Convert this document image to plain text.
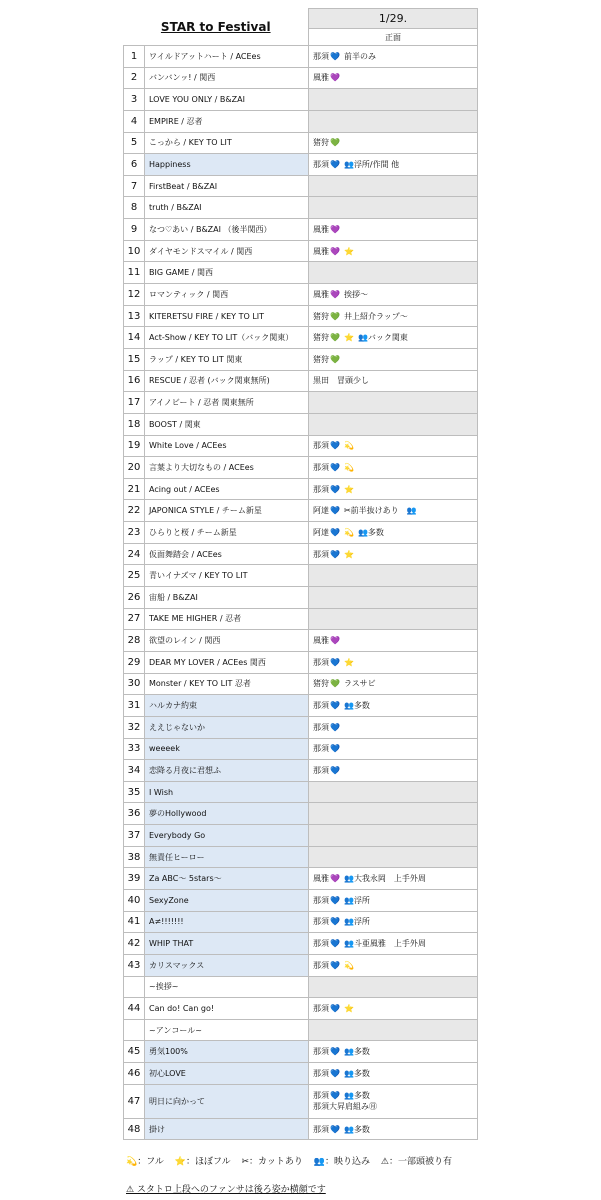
STAR to Festival		1/29.
		正面
1	ワイルドアットハート / ACEes	那須💙 前半のみ
2	バンバンッ! / 関西	風雅💜
3	LOVE YOU ONLY / B&ZAI	
4	EMPIRE / 忍者	
5	こっから / KEY TO LIT	猪狩💚
6	Happiness	那須💙 👥浮所/作間 他
7	FirstBeat / B&ZAI	
8	truth / B&ZAI	
9	なつ♡あい / B&ZAI （後半関西）	風雅💜
10	ダイヤモンドスマイル / 関西	風雅💜 ⭐
11	BIG GAME / 関西	
12	ロマンティック / 関西	風雅💜 挨拶～
13	KITERETSU FIRE / KEY TO LIT	猪狩💚 井上紹介ラップ～
14	Act-Show / KEY TO LIT（バック関東）	猪狩💚 ⭐ 👥バック関東
15	ラップ / KEY TO LIT 関東	猪狩💚
16	RESCUE / 忍者 (バック関東無所)	黒田　冒頭少し
17	アイノビート / 忍者 関東無所	
18	BOOST / 関東	
19	White Love / ACEes	那須💙 💫
20	言葉より大切なもの / ACEes	那須💙 💫
21	Acing out / ACEes	那須💙 ⭐
22	JAPONICA STYLE / チーム新星	阿達💙 ✂前半抜けあり 👥
23	ひらりと桜 / チーム新星	阿達💙 💫 👥多数
24	仮面舞踏会 / ACEes	那須💙 ⭐
25	青いイナズマ / KEY TO LIT	
26	宙船 / B&ZAI	
27	TAKE ME HIGHER / 忍者	
28	欲望のレイン / 関西	風雅💜
29	DEAR MY LOVER / ACEes 関西	那須💙 ⭐
30	Monster / KEY TO LIT 忍者	猪狩💚 ラスサビ
31	ハルカナ約束	那須💙 👥多数
32	ええじゃないか	那須💙
33	weeeek	那須💙
34	恋降る月夜に君想ふ	那須💙
35	I Wish	
36	夢のHollywood	
37	Everybody Go	
38	無責任ヒーロー	
39	Za ABC～ 5stars～	風雅💜 👥大我永岡　上手外周
40	SexyZone	那須💙 👥浮所
41	A≠!!!!!!!	那須💙 👥浮所
42	WHIP THAT	那須💙 👥斗亜風雅　上手外周
43	カリスマックス	那須💙 💫
	~挨拶~	
44	Can do! Can go!	那須💙 ⭐
	~アンコール~	
45	勇気100%	那須💙 👥多数
46	初心LOVE	那須💙 👥多数
47	明日に向かって	那須💙 👥多数
那須大昇肩組み㊊

48	掛け	那須💙 👥多数
💫：フル ⭐：ほぼフル ✂：カットあり 👥：映り込み ⚠：一部頭被り有
⚠ スタトロ上段へのファンサは後ろ姿か横顔です
